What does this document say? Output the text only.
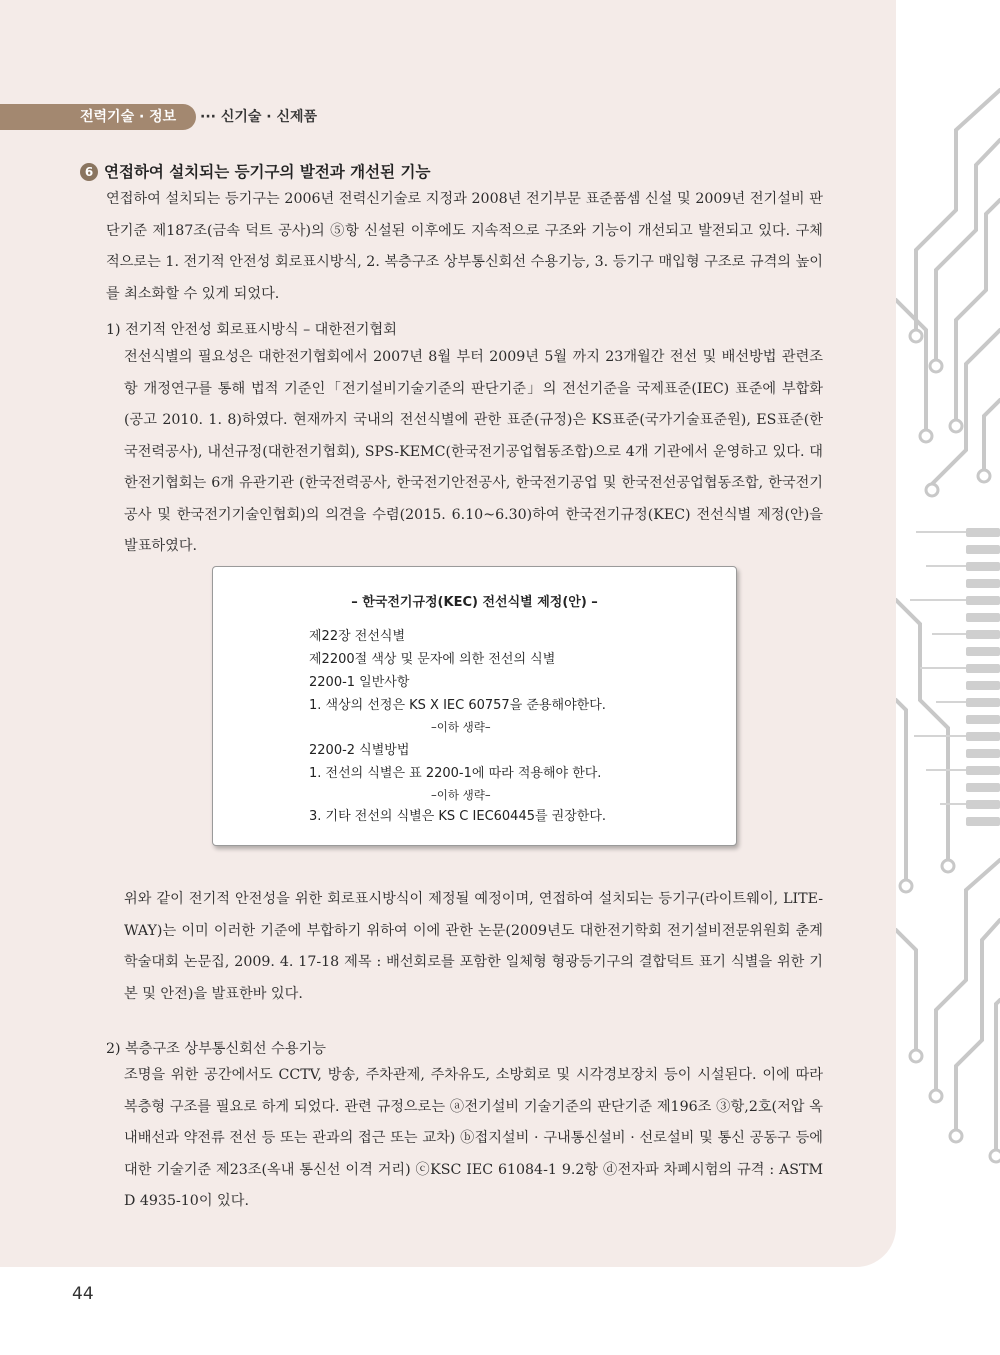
전력기술 · 정보	··· 신기술 · 신제품
6 연접하여 설치되는 등기구의 발전과 개선된 기능

연접하여 설치되는 등기구는 2006년 전력신기술로 지정과 2008년 전기부문 표준품셈 신설 및 2009년 전기설비 판단기준 제187조(금속 덕트 공사)의 ⑤항 신설된 이후에도 지속적으로 구조와 기능이 개선되고 발전되고 있다. 구체적으로는 1. 전기적 안전성 회로표시방식, 2. 복층구조 상부통신회선 수용기능, 3. 등기구 매입형 구조로 규격의 높이를 최소화할 수 있게 되었다.

1) 전기적 안전성 회로표시방식 – 대한전기협회

전선식별의 필요성은 대한전기협회에서 2007년 8월 부터 2009년 5월 까지 23개월간 전선 및 배선방법 관련조항 개정연구를 통해 법적 기준인「전기설비기술기준의 판단기준」의 전선기준을 국제표준(IEC) 표준에 부합화(공고 2010. 1. 8)하였다. 현재까지 국내의 전선식별에 관한 표준(규정)은 KS표준(국가기술표준원), ES표준(한국전력공사), 내선규정(대한전기협회), SPS-KEMC(한국전기공업협동조합)으로 4개 기관에서 운영하고 있다. 대한전기협회는 6개 유관기관 (한국전력공사, 한국전기안전공사, 한국전기공업 및 한국전선공업협동조합, 한국전기공사 및 한국전기기술인협회)의 의견을 수렴(2015. 6.10~6.30)하여 한국전기규정(KEC) 전선식별 제정(안)을 발표하였다.

– 한국전기규정(KEC) 전선식별 제정(안) –
제22장 전선식별
제2200절 색상 및 문자에 의한 전선의 식별
2200-1 일반사항
1. 색상의 선정은 KS X IEC 60757을 준용해야한다.
–이하 생략–
2200-2 식별방법
1. 전선의 식별은 표 2200-1에 따라 적용해야 한다.
–이하 생략–
3. 기타 전선의 식별은 KS C IEC60445를 권장한다.

위와 같이 전기적 안전성을 위한 회로표시방식이 제정될 예정이며, 연접하여 설치되는 등기구(라이트웨이, LITE-WAY)는 이미 이러한 기준에 부합하기 위하여 이에 관한 논문(2009년도 대한전기학회 전기설비전문위원회 춘계학술대회 논문집, 2009. 4. 17-18 제목 : 배선회로를 포함한 일체형 형광등기구의 결합덕트 표기 식별을 위한 기본 및 안전)을 발표한바 있다.

2) 복층구조 상부통신회선 수용기능

조명을 위한 공간에서도 CCTV, 방송, 주차관제, 주차유도, 소방회로 및 시각경보장치 등이 시설된다. 이에 따라 복층형 구조를 필요로 하게 되었다. 관련 규정으로는 ⓐ전기설비 기술기준의 판단기준 제196조 ③항,2호(저압 옥내배선과 약전류 전선 등 또는 관과의 접근 또는 교차) ⓑ접지설비 · 구내통신설비 · 선로설비 및 통신 공동구 등에 대한 기술기준 제23조(옥내 통신선 이격 거리) ⓒKSC IEC 61084-1 9.2항 ⓓ전자파 차폐시험의 규격 : ASTM D 4935-10이 있다.

44
